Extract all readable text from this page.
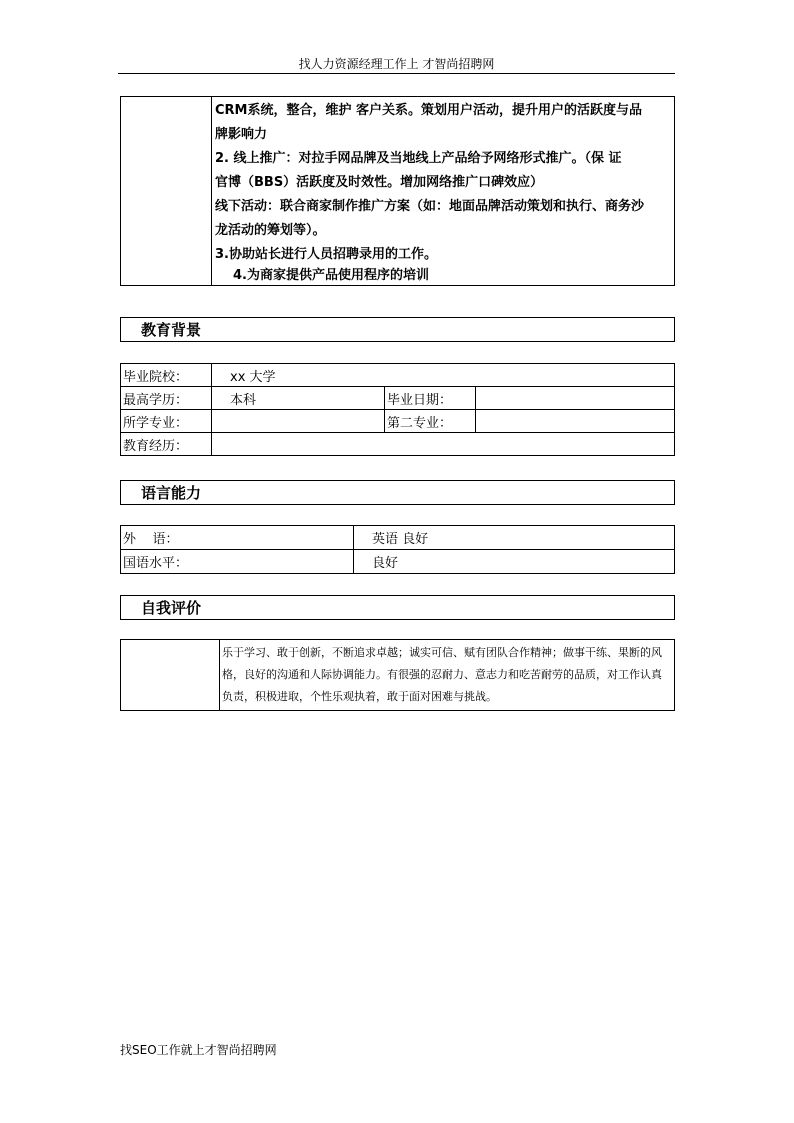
找人力资源经理工作上 才智尚招聘网

CRM系统，整合，维护 客户关系。策划用户活动，提升用户的活跃度与品
牌影响力
2. 线上推广：对拉手网品牌及当地线上产品给予网络形式推广。（保 证
官博（BBS）活跃度及时效性。增加网络推广口碑效应）
线下活动：联合商家制作推广方案（如：地面品牌活动策划和执行、商务沙
龙活动的筹划等）。
3.协助站长进行人员招聘录用的工作。
4.为商家提供产品使用程序的培训
教育背景
毕业院校：	xx 大学		
最高学历：	本科	毕业日期：	
所学专业：		第二专业：	
教育经历：			
语言能力
外    语：	英语 良好
国语水平：	良好
自我评价
	乐于学习、敢于创新，不断追求卓越；诚实可信、赋有团队合作精神；做事干练、果断的风格，良好的沟通和人际协调能力。有很强的忍耐力、意志力和吃苦耐劳的品质，对工作认真负责，积极进取，个性乐观执着，敢于面对困难与挑战。
找SEO工作就上才智尚招聘网
